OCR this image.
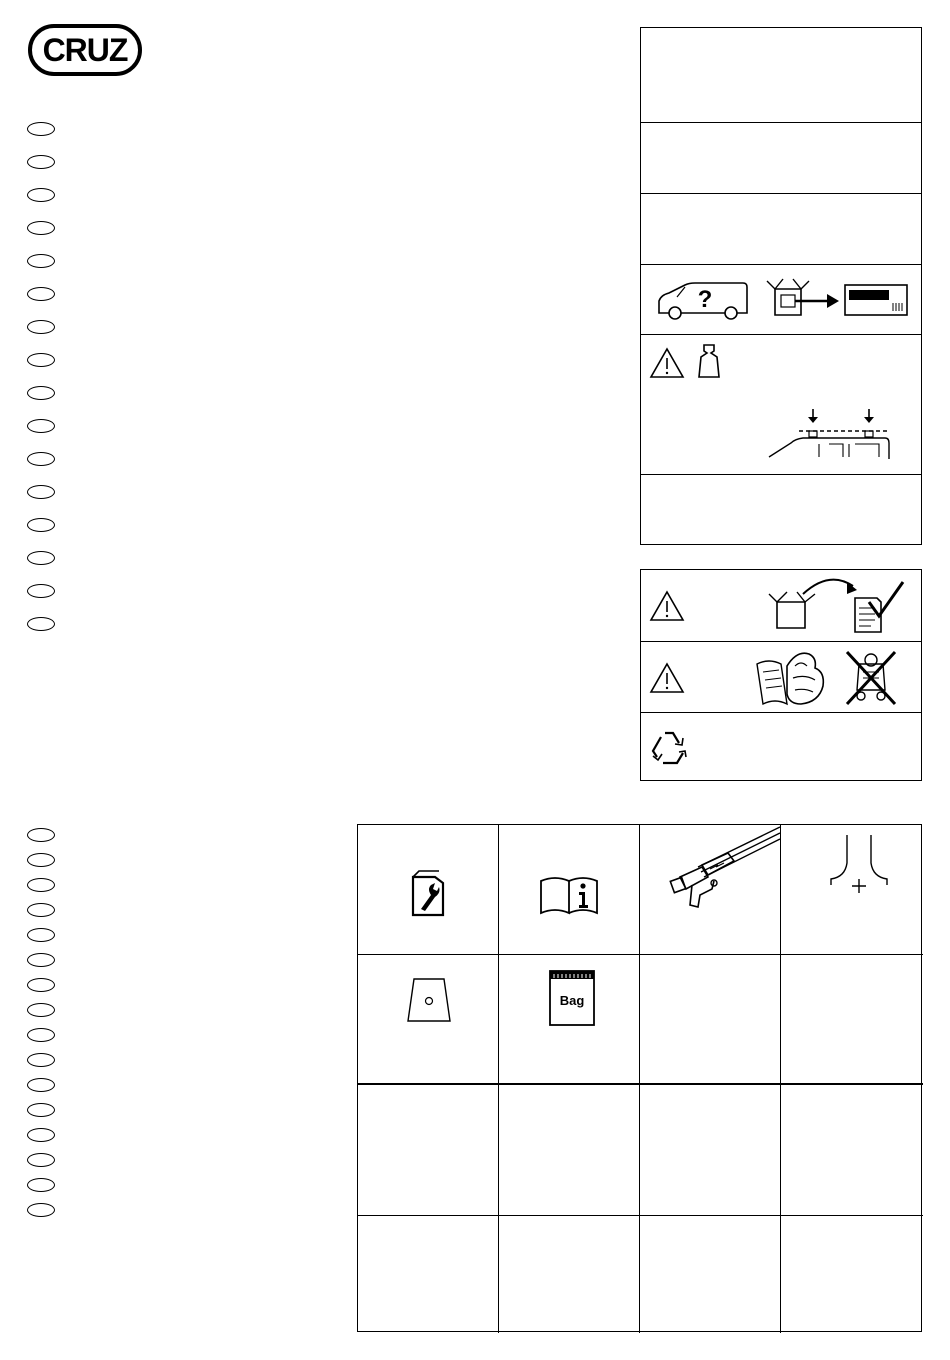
CRUZ
?
Bag
